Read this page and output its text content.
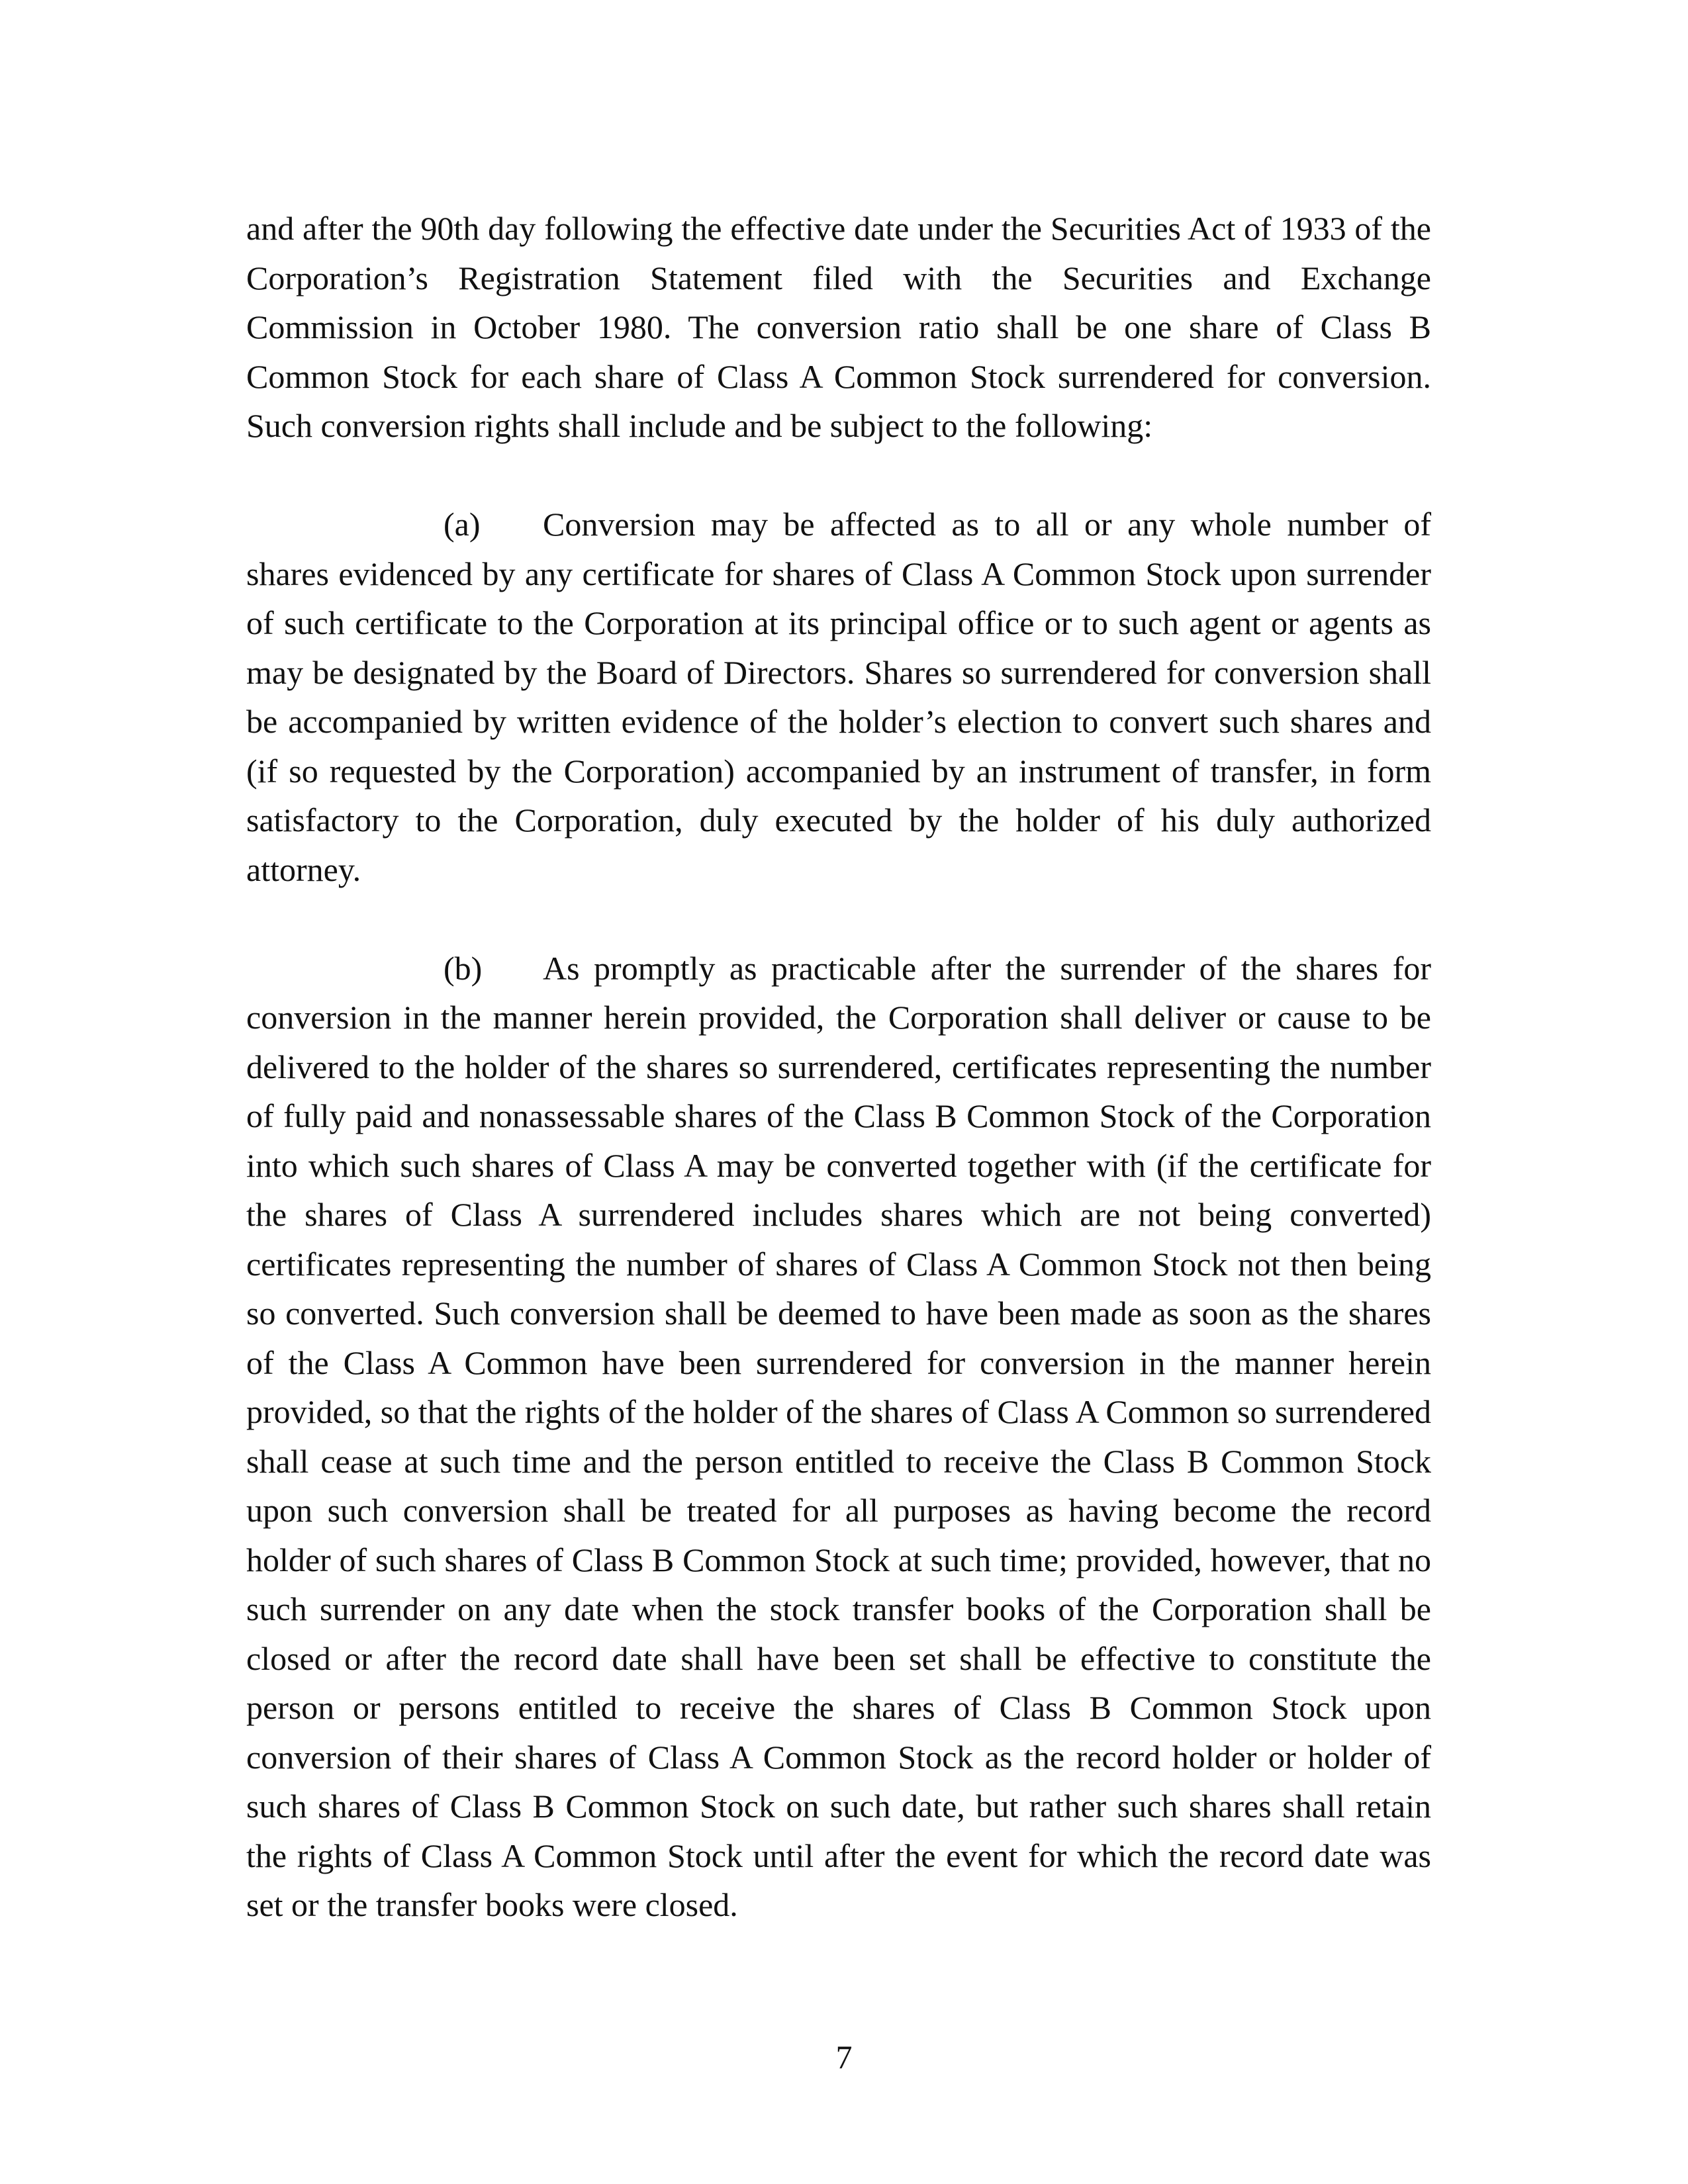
and after the 90th day following the effective date under the Securities Act of 1933 of the Corporation’s Registration Statement filed with the Securities and Exchange Commission in October 1980. The conversion ratio shall be one share of Class B Common Stock for each share of Class A Common Stock surrendered for conversion. Such conversion rights shall include and be subject to the following:

(a) Conversion may be affected as to all or any whole number of shares evidenced by any certificate for shares of Class A Common Stock upon surrender of such certificate to the Corporation at its principal office or to such agent or agents as may be designated by the Board of Directors. Shares so surrendered for conversion shall be accompanied by written evidence of the holder’s election to convert such shares and (if so requested by the Corporation) accompanied by an instrument of transfer, in form satisfactory to the Corporation, duly executed by the holder of his duly authorized attorney.

(b) As promptly as practicable after the surrender of the shares for conversion in the manner herein provided, the Corporation shall deliver or cause to be delivered to the holder of the shares so surrendered, certificates representing the number of fully paid and nonassessable shares of the Class B Common Stock of the Corporation into which such shares of Class A may be converted together with (if the certificate for the shares of Class A surrendered includes shares which are not being converted) certificates representing the number of shares of Class A Common Stock not then being so converted. Such conversion shall be deemed to have been made as soon as the shares of the Class A Common have been surrendered for conversion in the manner herein provided, so that the rights of the holder of the shares of Class A Common so surrendered shall cease at such time and the person entitled to receive the Class B Common Stock upon such conversion shall be treated for all purposes as having become the record holder of such shares of Class B Common Stock at such time; provided, however, that no such surrender on any date when the stock transfer books of the Corporation shall be closed or after the record date shall have been set shall be effective to constitute the person or persons entitled to receive the shares of Class B Common Stock upon conversion of their shares of Class A Common Stock as the record holder or holder of such shares of Class B Common Stock on such date, but rather such shares shall retain the rights of Class A Common Stock until after the event for which the record date was set or the transfer books were closed.

7
